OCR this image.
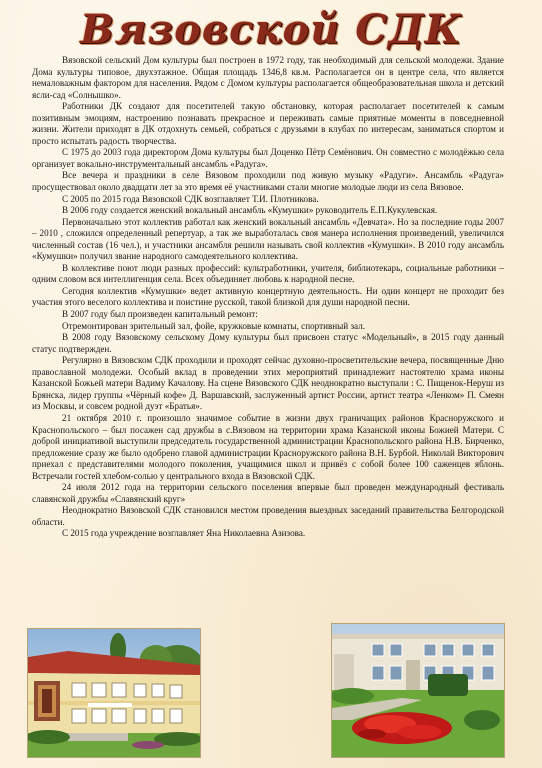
Вязовской СДК

Вязовской сельский Дом культуры был построен в 1972 году, так необходимый для сельской молодежи. Здание Дома культуры типовое, двухэтажное. Общая площадь 1346,8 кв.м. Располагается он в центре села, что является немаловажным фактором для населения. Рядом с Домом культуры располагается общеобразовательная школа и детский ясли-сад «Солнышко».

Работники ДК создают для посетителей такую обстановку, которая располагает посетителей к самым позитивным эмоциям, настроению познавать прекрасное и переживать самые приятные моменты в повседневной жизни. Жители приходят в ДК отдохнуть семьей, собраться с друзьями в клубах по интересам, заниматься спортом и просто испытать радость творчества.

С 1975 до 2003 года директором Дома культуры был Доценко Пётр Семёнович. Он совместно с молодёжью села организует вокально-инструментальный ансамбль «Радуга».

Все вечера и праздники в селе Вязовом проходили под живую музыку «Радуги». Ансамбль «Радуга» просуществовал около двадцати лет за это время её участниками стали многие молодые люди из села Вязовое.

С 2005 по 2015 года Вязовской СДК возглавляет Т.И. Плотникова.

В 2006 году создается женский вокальный ансамбль «Кумушки» руководитель Е.П.Кукулевская.

Первоначально этот коллектив работал как женский вокальный ансамбль «Девчата». Но за последние годы 2007 – 2010 , сложился определенный репертуар, а так же выработалась своя манера исполнения произведений, увеличился численный состав (16 чел.), и участники ансамбля решили называть свой коллектив «Кумушки». В 2010 году ансамбль «Кумушки» получил звание народного самодеятельного коллектива.

В коллективе поют люди разных профессий: культработники, учителя, библиотекарь, социальные работники – одним словом вся интеллигенция села. Всех объединяет любовь к народной песне.

Сегодня коллектив «Кумушки» ведет активную концертную деятельность. Ни один концерт не проходит без участия этого веселого коллектива и поистине русской, такой близкой для души народной песни.

В 2007 году был произведен капитальный ремонт:

Отремонтирован зрительный зал, фойе, кружковые комнаты, спортивный зал.

В 2008 году Вязовскому сельскому Дому культуры был присвоен статус «Модельный», в 2015 году данный статус подтвержден.

Регулярно в Вязовском СДК проходили и проходят сейчас духовно-просветительские вечера, посвященные Дню православной молодежи. Особый вклад в проведении этих мероприятий принадлежит настоятелю храма иконы Казанской Божьей матери Вадиму Качалову. На сцене Вязовского СДК неоднократно выступали : С. Пищенок-Неруш из Брянска, лидер группы «Чёрный кофе» Д. Варшавский, заслуженный артист России, артист театра «Ленком» П. Смеян из Москвы, и совсем родной дуэт «Братья».

21 октября 2010 г. произошло значимое событие в жизни двух граничащих районов Красноружского и Краснопольского – был посажен сад дружбы в с.Вязовом на территории храма Казанской иконы Божией Матери. С доброй инициативой выступили председатель государственной администрации Краснопольского района Н.В. Бирченко, предложение сразу же было одобрено главой администрации Красноружского района В.Н. Бурбой. Николай Викторович приехал с представителями молодого поколения, учащимися школ и привёз с собой более 100 саженцев яблонь. Встречали гостей хлебом-солью у центрального входа в Вязовской СДК.

24 июля 2012 года на территории сельского поселения впервые был проведен международный фестиваль славянской дружбы «Славянский круг»

Неоднократно Вязовской СДК становился местом проведения выездных заседаний правительства Белгородской области.

С 2015 года учреждение возглавляет Яна Николаевна Азизова.
